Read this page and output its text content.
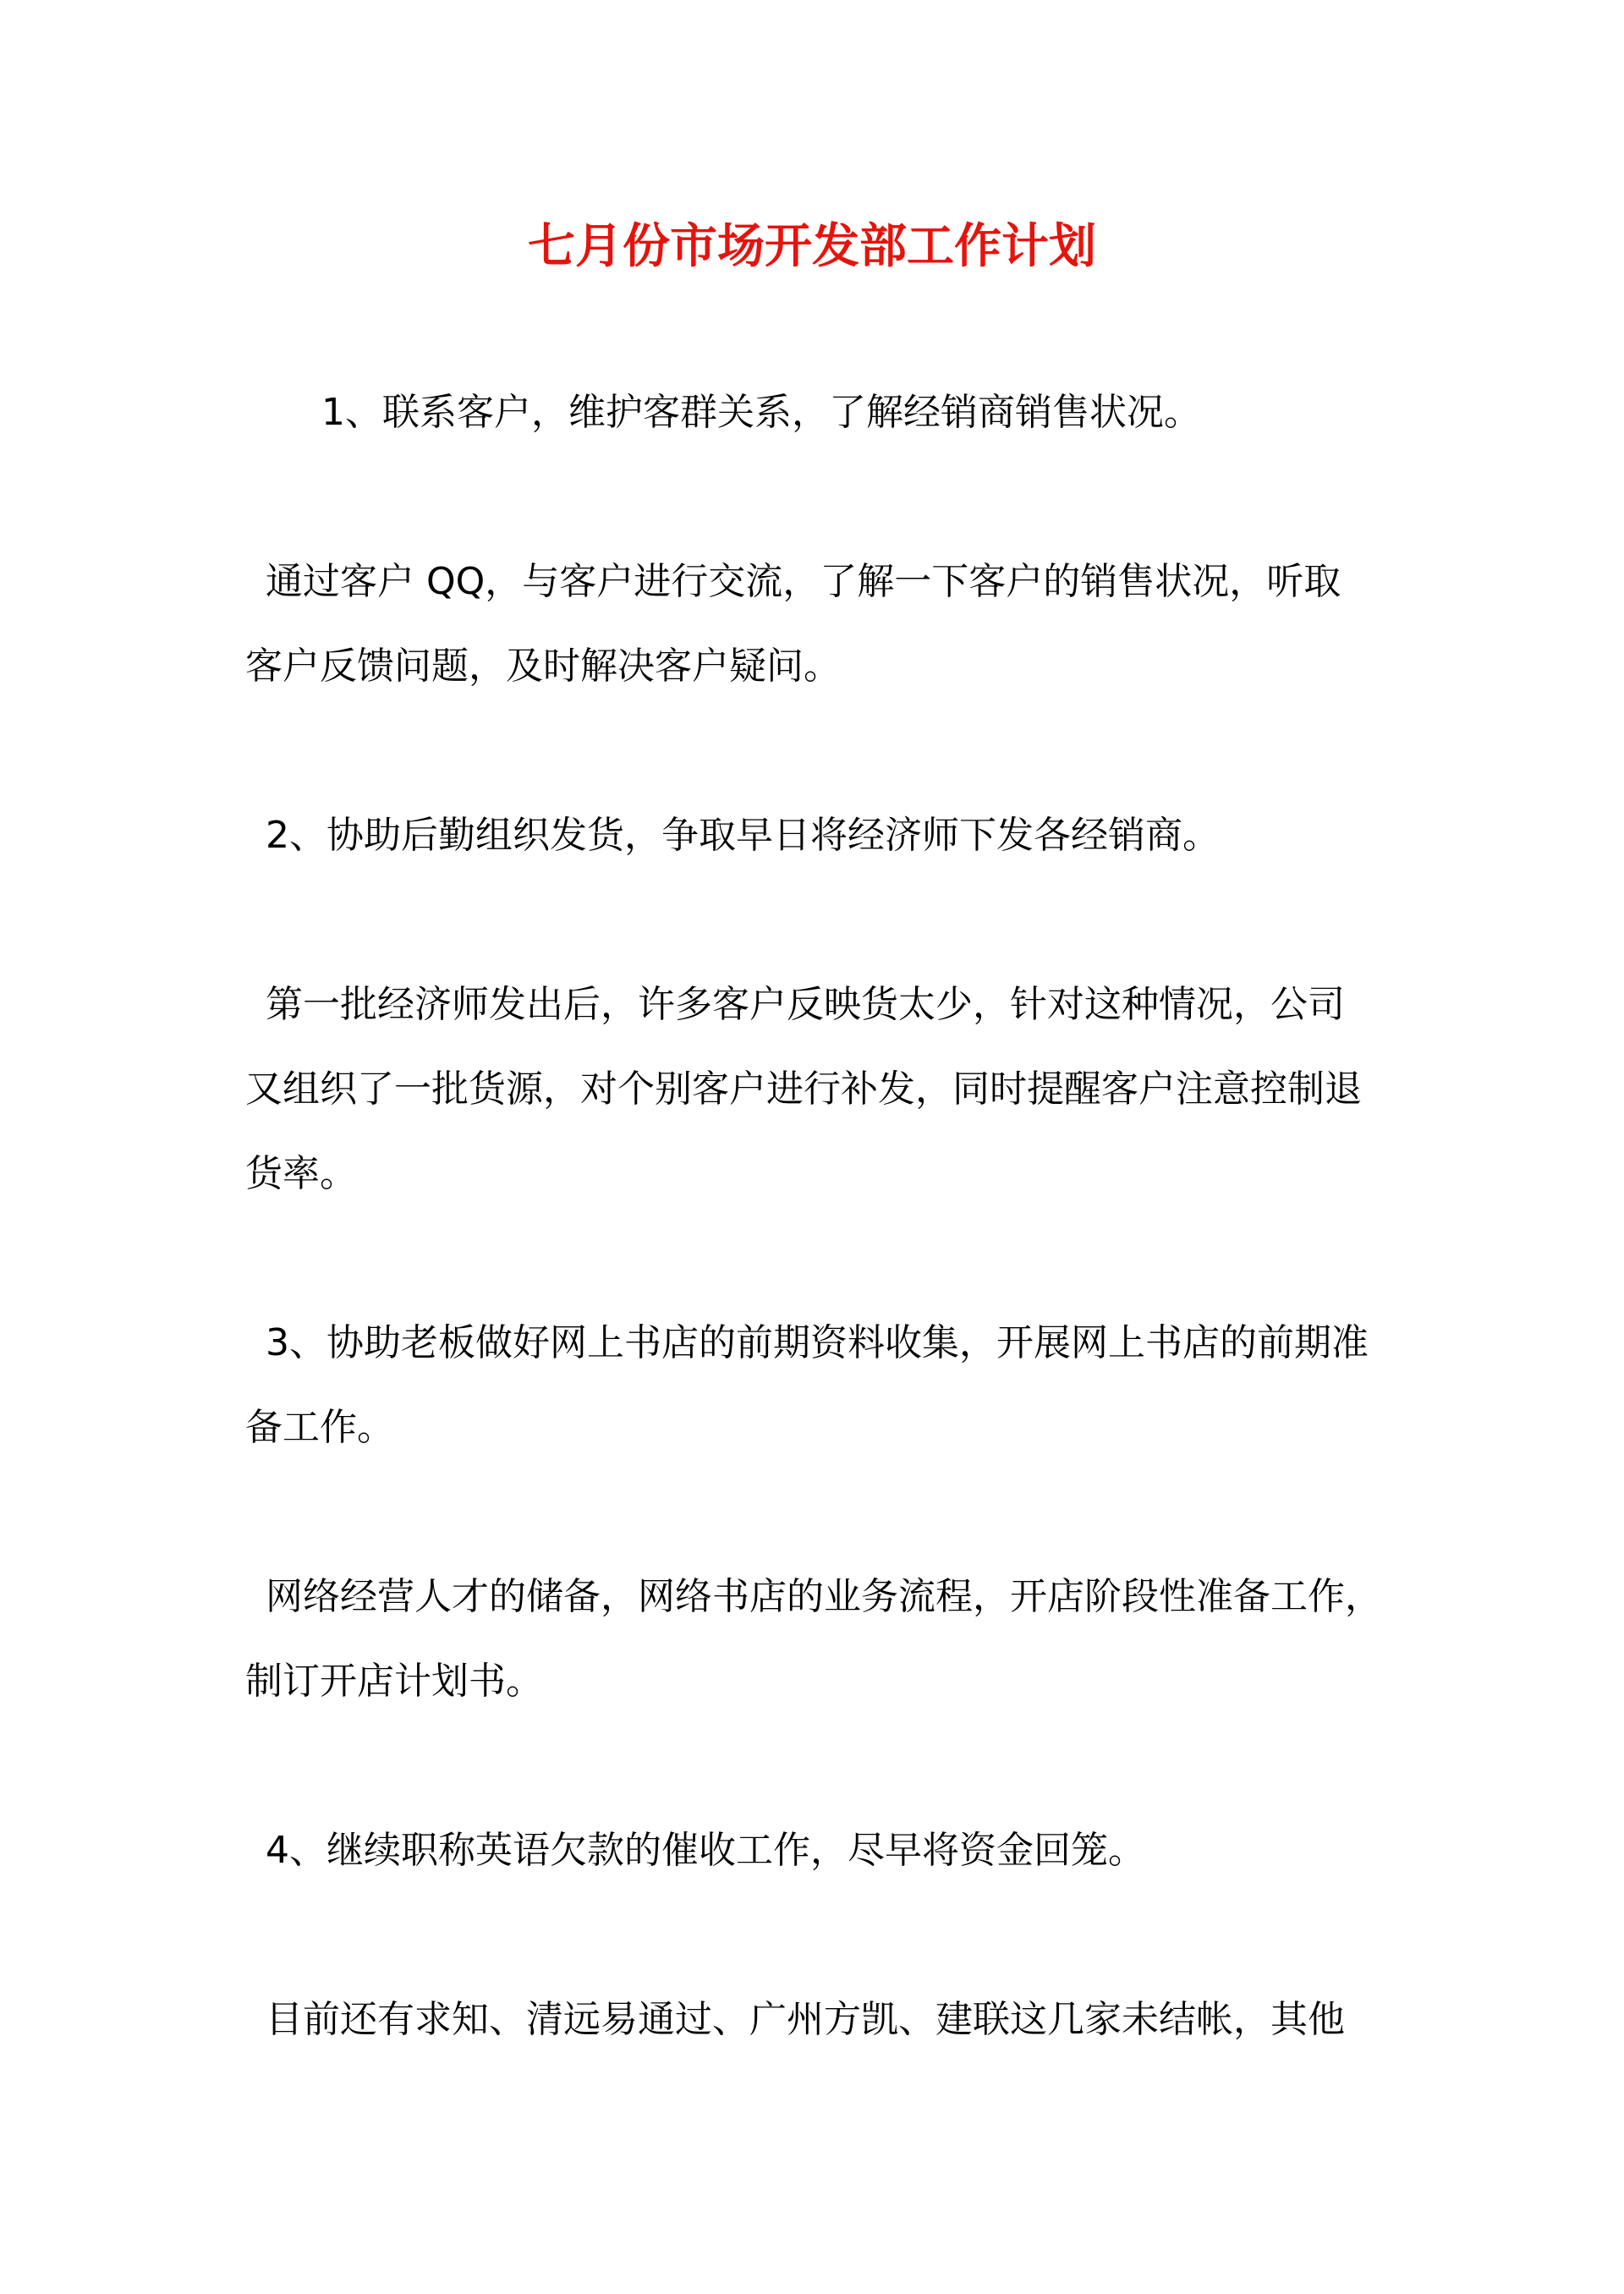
七月份市场开发部工作计划

1、联系客户，维护客群关系，了解经销商销售状况。

通过客户 QQ，与客户进行交流，了解一下客户的销售状况，听取
客户反馈问题，及时解决客户疑问。

2、协助后勤组织发货，争取早日将经济师下发各经销商。

第一批经济师发出后，许多客户反映货太少，针对这种情况，公司
又组织了一批货源，对个别客户进行补发，同时提醒客户注意控制退
货率。

3、协助老板做好网上书店的前期资料收集，开展网上书店的前期准
备工作。

网络经营人才的储备，网络书店的业务流程，开店阶段性准备工作，
制订开店计划书。

4、继续职称英语欠款的催收工作，尽早将资金回笼。

目前还有求知、清远易通过、广州方凯、建联这几家未结帐，其他
